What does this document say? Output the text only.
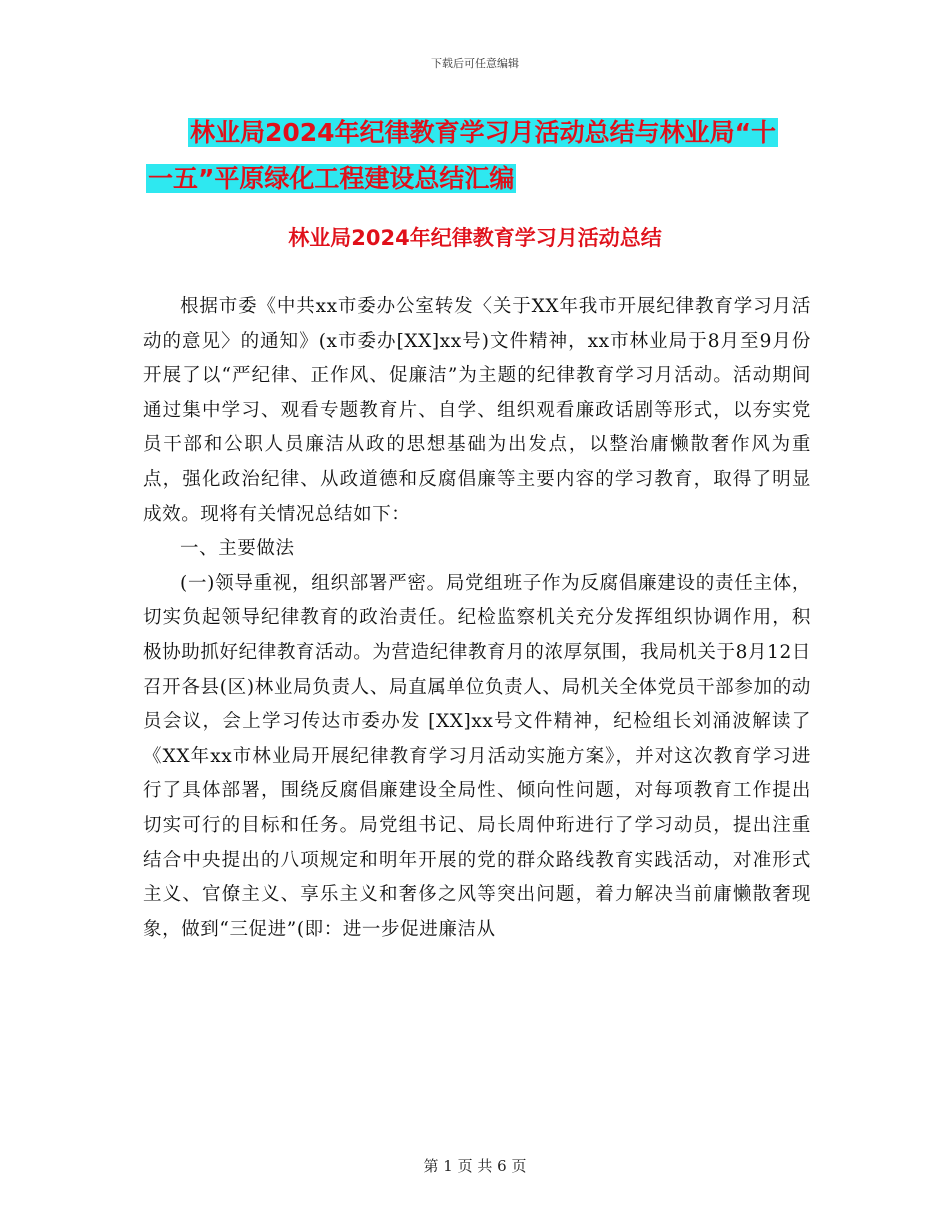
下载后可任意编辑
林业局2024年纪律教育学习月活动总结与林业局“十
一五”平原绿化工程建设总结汇编
林业局2024年纪律教育学习月活动总结

根据市委《中共xx市委办公室转发〈关于XX年我市开展纪律教育学习月活动的意见〉的通知》(x市委办[XX]xx号)文件精神，xx市林业局于8月至9月份开展了以“严纪律、正作风、促廉洁”为主题的纪律教育学习月活动。活动期间通过集中学习、观看专题教育片、自学、组织观看廉政话剧等形式，以夯实党员干部和公职人员廉洁从政的思想基础为出发点，以整治庸懒散奢作风为重点，强化政治纪律、从政道德和反腐倡廉等主要内容的学习教育，取得了明显成效。现将有关情况总结如下：

一、主要做法

(一)领导重视，组织部署严密。局党组班子作为反腐倡廉建设的责任主体，切实负起领导纪律教育的政治责任。纪检监察机关充分发挥组织协调作用，积极协助抓好纪律教育活动。为营造纪律教育月的浓厚氛围，我局机关于8月12日召开各县(区)林业局负责人、局直属单位负责人、局机关全体党员干部参加的动员会议，会上学习传达市委办发 [XX]xx号文件精神，纪检组长刘涌波解读了《XX年xx市林业局开展纪律教育学习月活动实施方案》，并对这次教育学习进行了具体部署，围绕反腐倡廉建设全局性、倾向性问题，对每项教育工作提出切实可行的目标和任务。局党组书记、局长周仲珩进行了学习动员，提出注重结合中央提出的八项规定和明年开展的党的群众路线教育实践活动，对准形式主义、官僚主义、享乐主义和奢侈之风等突出问题，着力解决当前庸懒散奢现象，做到“三促进”(即：进一步促进廉洁从

第 1 页 共 6 页
